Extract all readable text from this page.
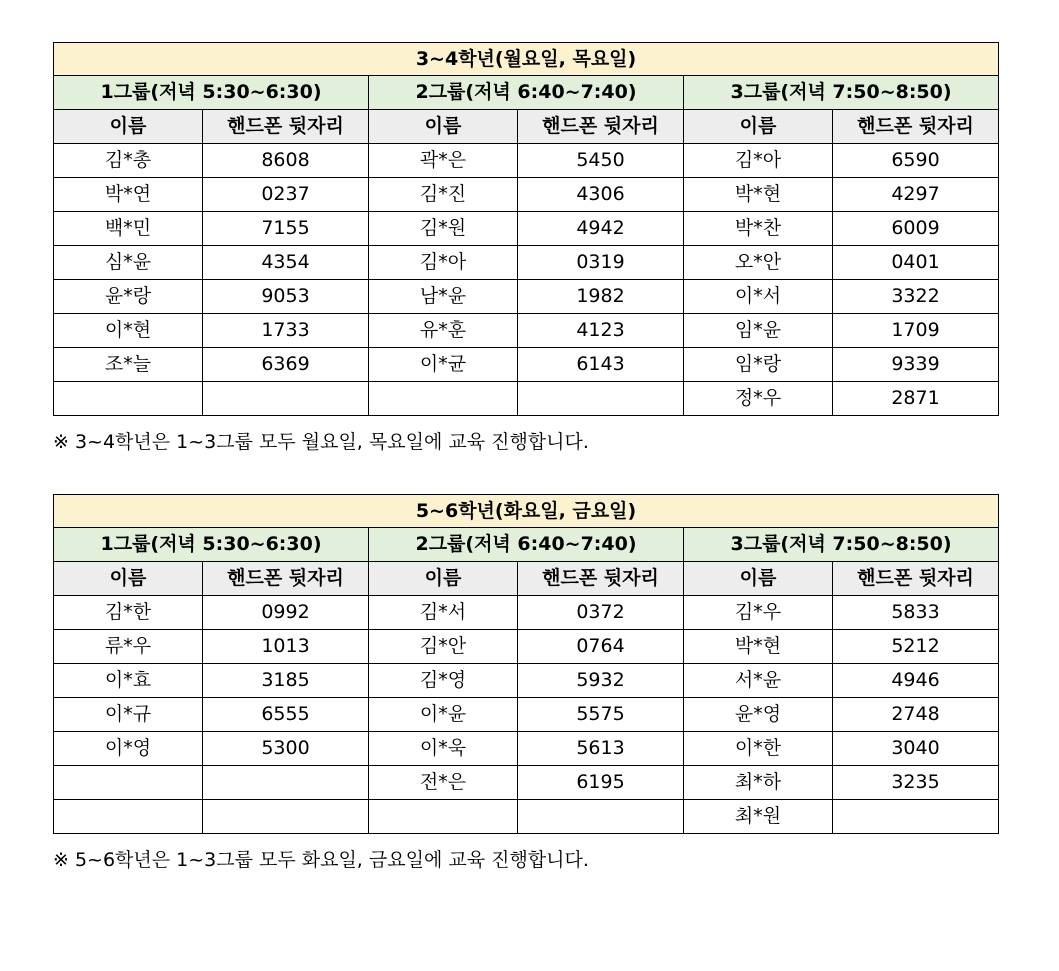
3~4학년(월요일, 목요일)					
1그룹(저녁 5:30~6:30)		2그룹(저녁 6:40~7:40)		3그룹(저녁 7:50~8:50)	
이름	핸드폰 뒷자리	이름	핸드폰 뒷자리	이름	핸드폰 뒷자리
김*총	8608	곽*은	5450	김*아	6590
박*연	0237	김*진	4306	박*현	4297
백*민	7155	김*원	4942	박*찬	6009
심*윤	4354	김*아	0319	오*안	0401
윤*랑	9053	남*윤	1982	이*서	3322
이*현	1733	유*훈	4123	임*윤	1709
조*늘	6369	이*균	6143	임*랑	9339
				정*우	2871
※ 3~4학년은 1~3그룹 모두 월요일, 목요일에 교육 진행합니다.
5~6학년(화요일, 금요일)					
1그룹(저녁 5:30~6:30)		2그룹(저녁 6:40~7:40)		3그룹(저녁 7:50~8:50)	
이름	핸드폰 뒷자리	이름	핸드폰 뒷자리	이름	핸드폰 뒷자리
김*한	0992	김*서	0372	김*우	5833
류*우	1013	김*안	0764	박*현	5212
이*효	3185	김*영	5932	서*윤	4946
이*규	6555	이*윤	5575	윤*영	2748
이*영	5300	이*욱	5613	이*한	3040
		전*은	6195	최*하	3235
				최*원	
※ 5~6학년은 1~3그룹 모두 화요일, 금요일에 교육 진행합니다.
